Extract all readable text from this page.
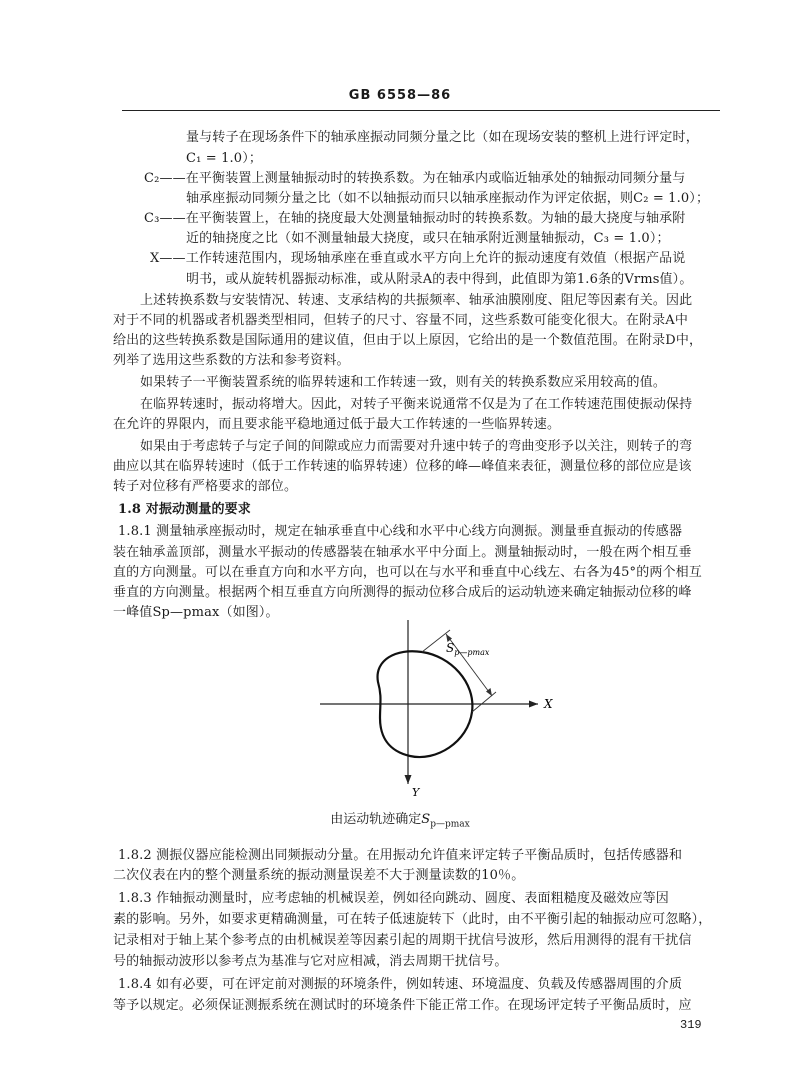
GB 6558—86
量与转子在现场条件下的轴承座振动同频分量之比（如在现场安装的整机上进行评定时，
C₁ = 1.0）；
C₂——在平衡装置上测量轴振动时的转换系数。为在轴承内或临近轴承处的轴振动同频分量与
轴承座振动同频分量之比（如不以轴振动而只以轴承座振动作为评定依据，则C₂ = 1.0）；
C₃——在平衡装置上，在轴的挠度最大处测量轴振动时的转换系数。为轴的最大挠度与轴承附
近的轴挠度之比（如不测量轴最大挠度，或只在轴承附近测量轴振动，C₃ = 1.0）；
X——工作转速范围内，现场轴承座在垂直或水平方向上允许的振动速度有效值（根据产品说
明书，或从旋转机器振动标准，或从附录A的表中得到，此值即为第1.6条的Vrms值）。
上述转换系数与安装情况、转速、支承结构的共振频率、轴承油膜刚度、阻尼等因素有关。因此
对于不同的机器或者机器类型相同，但转子的尺寸、容量不同，这些系数可能变化很大。在附录A中
给出的这些转换系数是国际通用的建议值，但由于以上原因，它给出的是一个数值范围。在附录D中，
列举了选用这些系数的方法和参考资料。
如果转子一平衡装置系统的临界转速和工作转速一致，则有关的转换系数应采用较高的值。
在临界转速时，振动将增大。因此，对转子平衡来说通常不仅是为了在工作转速范围使振动保持
在允许的界限内，而且要求能平稳地通过低于最大工作转速的一些临界转速。
如果由于考虑转子与定子间的间隙或应力而需要对升速中转子的弯曲变形予以关注，则转子的弯
曲应以其在临界转速时（低于工作转速的临界转速）位移的峰—峰值来表征，测量位移的部位应是该
转子对位移有严格要求的部位。
1.8 对振动测量的要求
1.8.1 测量轴承座振动时，规定在轴承垂直中心线和水平中心线方向测振。测量垂直振动的传感器
装在轴承盖顶部，测量水平振动的传感器装在轴承水平中分面上。测量轴振动时，一般在两个相互垂
直的方向测量。可以在垂直方向和水平方向，也可以在与水平和垂直中心线左、右各为45°的两个相互
垂直的方向测量。根据两个相互垂直方向所测得的振动位移合成后的运动轨迹来确定轴振动位移的峰
一峰值Sp—pmax（如图）。
$S_{p—pmax}$
X
Y
由运动轨迹确定$S_{p—pmax}$
1.8.2 测振仪器应能检测出同频振动分量。在用振动允许值来评定转子平衡品质时，包括传感器和
二次仪表在内的整个测量系统的振动测量误差不大于测量读数的10％。
1.8.3 作轴振动测量时，应考虑轴的机械误差，例如径向跳动、圆度、表面粗糙度及磁效应等因
素的影响。另外，如要求更精确测量，可在转子低速旋转下（此时，由不平衡引起的轴振动应可忽略），
记录相对于轴上某个参考点的由机械误差等因素引起的周期干扰信号波形，然后用测得的混有干扰信
号的轴振动波形以参考点为基准与它对应相减，消去周期干扰信号。
1.8.4 如有必要，可在评定前对测振的环境条件，例如转速、环境温度、负载及传感器周围的介质
等予以规定。必须保证测振系统在测试时的环境条件下能正常工作。在现场评定转子平衡品质时，应
319
